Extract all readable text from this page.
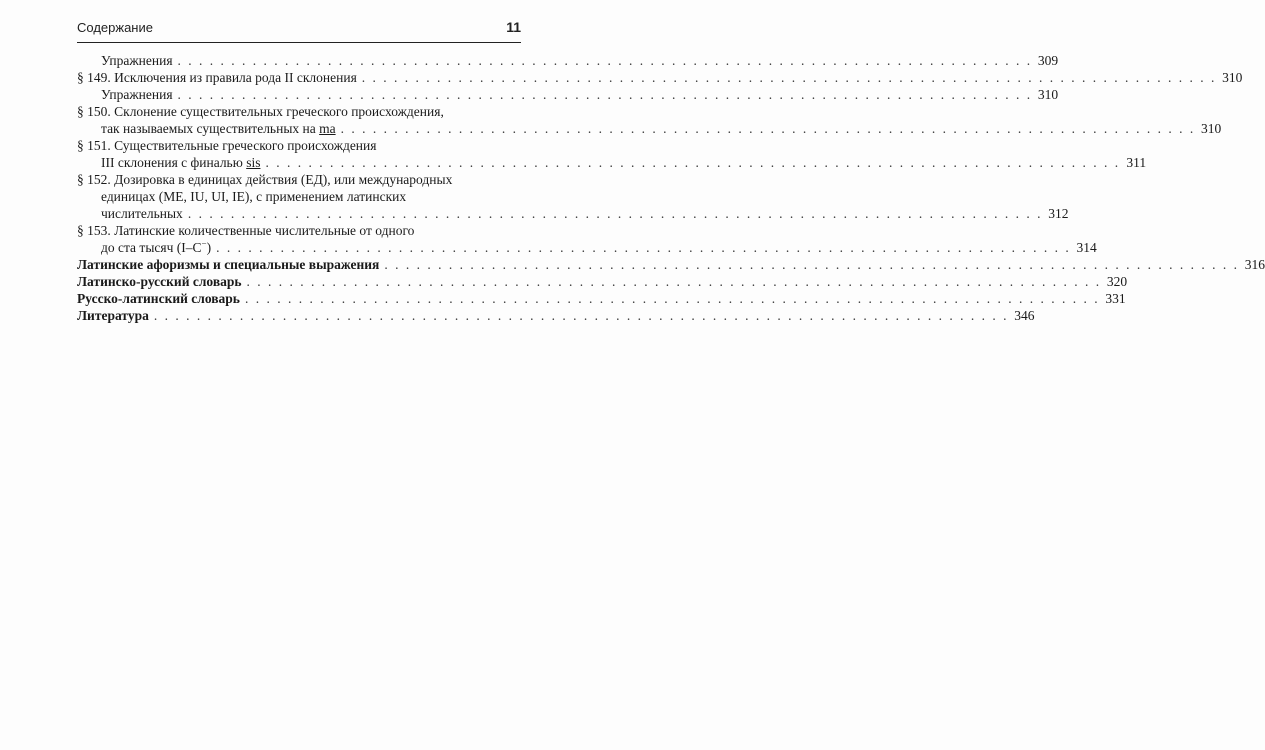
Содержание	11
Упражнения . . . . . . . . . . . . . . . . . . . . . . . . . . . . . . . . . . . . . . . . . . . . . . . . . . . . . . . . . . . . . . . . . . . . . . . . . . . . . . . . 309
§ 149. Исключения из правила рода II склонения . . . . . . . . . . . . . . . . . . . . . . . . . . . . . . . . . . . . . . . . . . . . . . . . . . . . . . . . . . . . . . . . . . . . . . . . . . . . . . . . 310
Упражнения . . . . . . . . . . . . . . . . . . . . . . . . . . . . . . . . . . . . . . . . . . . . . . . . . . . . . . . . . . . . . . . . . . . . . . . . . . . . . . . . 310
§ 150. Склонение существительных греческого происхождения,
так называемых существительных на ma . . . . . . . . . . . . . . . . . . . . . . . . . . . . . . . . . . . . . . . . . . . . . . . . . . . . . . . . . . . . . . . . . . . . . . . . . . . . . . . . 310
§ 151. Существительные греческого происхождения
III склонения с финалью sis . . . . . . . . . . . . . . . . . . . . . . . . . . . . . . . . . . . . . . . . . . . . . . . . . . . . . . . . . . . . . . . . . . . . . . . . . . . . . . . . 311
§ 152. Дозировка в единицах действия (ЕД), или международных
единицах (МЕ, IU, UI, IE), с применением латинских
числительных . . . . . . . . . . . . . . . . . . . . . . . . . . . . . . . . . . . . . . . . . . . . . . . . . . . . . . . . . . . . . . . . . . . . . . . . . . . . . . . . 312
§ 153. Латинские количественные числительные от одного
до ста тысяч (I–C−) . . . . . . . . . . . . . . . . . . . . . . . . . . . . . . . . . . . . . . . . . . . . . . . . . . . . . . . . . . . . . . . . . . . . . . . . . . . . . . . . 314
Латинские афоризмы и специальные выражения . . . . . . . . . . . . . . . . . . . . . . . . . . . . . . . . . . . . . . . . . . . . . . . . . . . . . . . . . . . . . . . . . . . . . . . . . . . . . . . . 316
Латинско-русский словарь . . . . . . . . . . . . . . . . . . . . . . . . . . . . . . . . . . . . . . . . . . . . . . . . . . . . . . . . . . . . . . . . . . . . . . . . . . . . . . . . 320
Русско-латинский словарь . . . . . . . . . . . . . . . . . . . . . . . . . . . . . . . . . . . . . . . . . . . . . . . . . . . . . . . . . . . . . . . . . . . . . . . . . . . . . . . . 331
Литература . . . . . . . . . . . . . . . . . . . . . . . . . . . . . . . . . . . . . . . . . . . . . . . . . . . . . . . . . . . . . . . . . . . . . . . . . . . . . . . . 346
